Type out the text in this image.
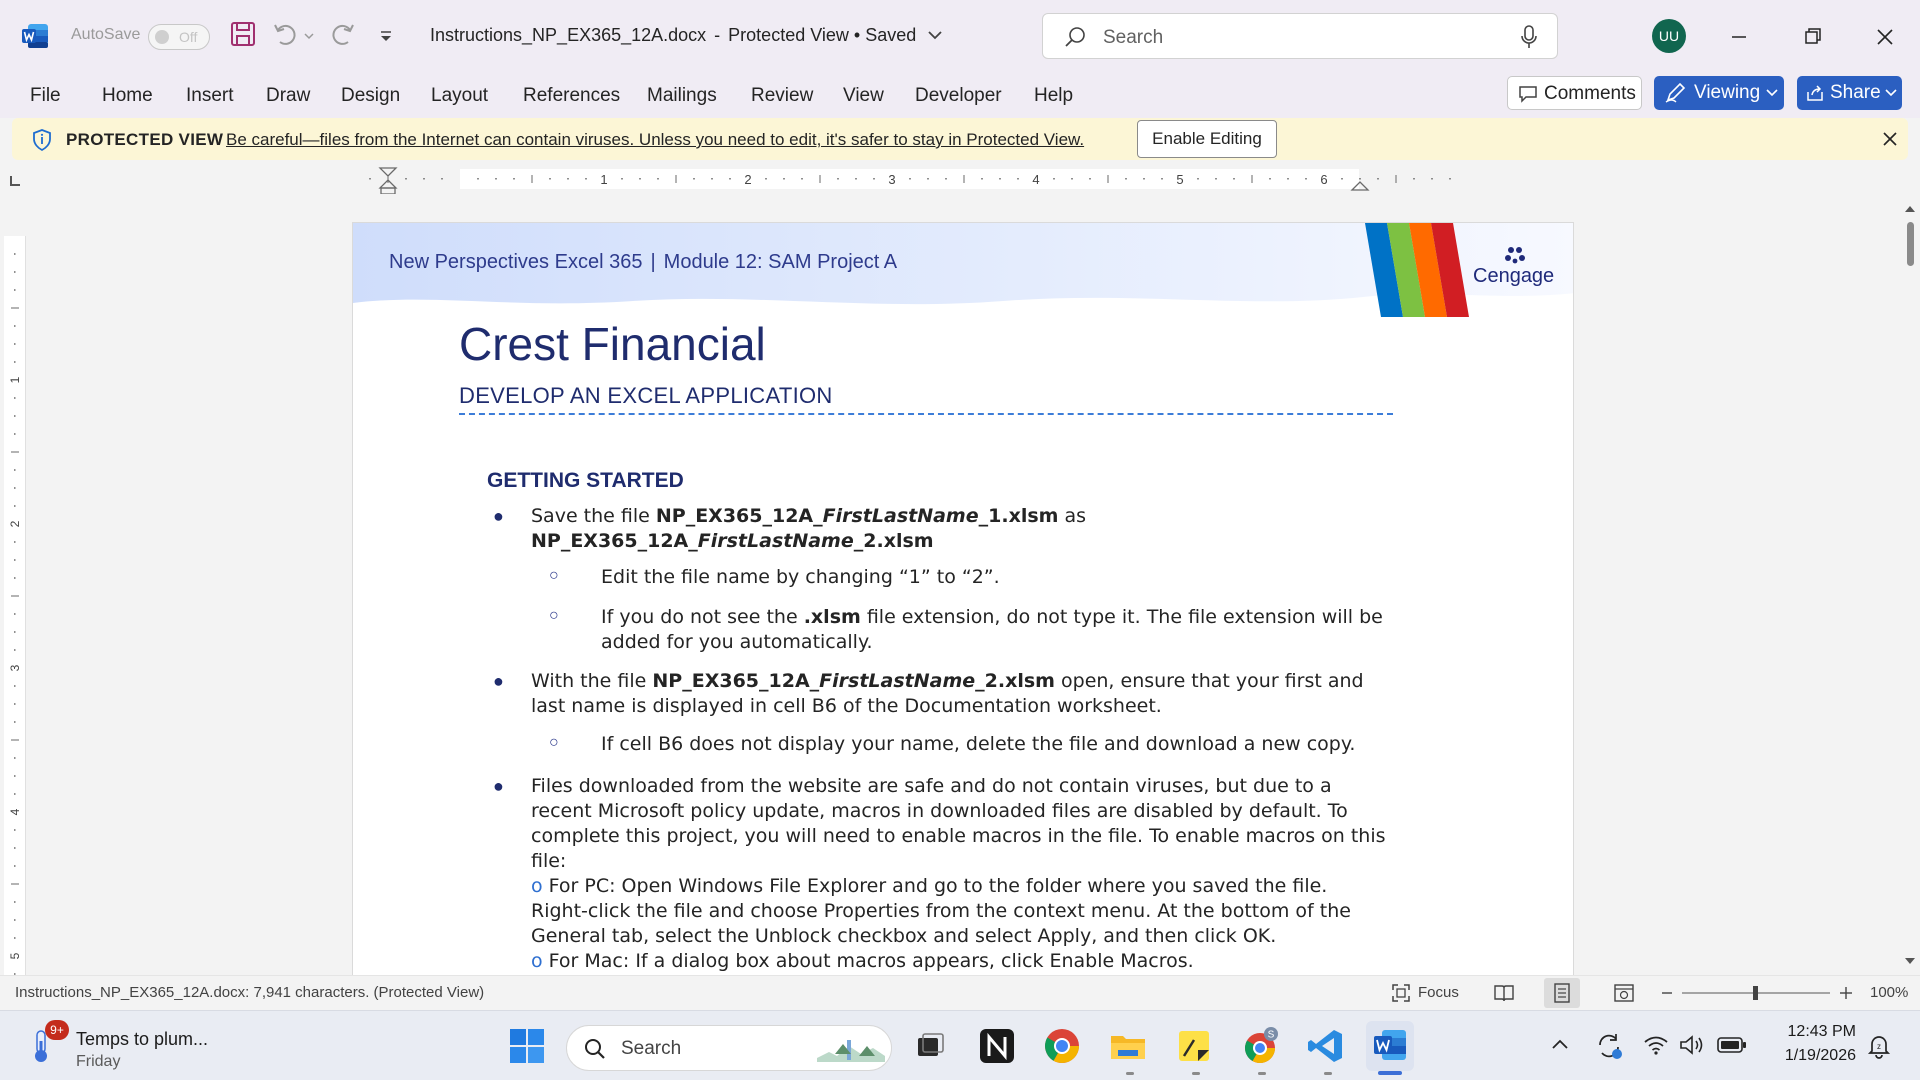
AutoSave	Off	Instructions_NP_EX365_12A.docx - Protected View • Saved	Search	UU
File Home Insert Draw Design Layout References Mailings Review View Developer Help	Comments	Viewing	Share
PROTECTED VIEW Be careful—files from the Internet can contain viruses. Unless you need to edit, it's safer to stay in Protected View.	Enable Editing
1	2	3	4	5	6
1
2
3
4
5
New Perspectives Excel 365 | Module 12: SAM Project A
Cengage
Crest Financial
DEVELOP AN EXCEL APPLICATION
GETTING STARTED
● Save the file NP_EX365_12A_FirstLastName_1.xlsm as
NP_EX365_12A_FirstLastName_2.xlsm
○ Edit the file name by changing “1” to “2”.
○ If you do not see the .xlsm file extension, do not type it. The file extension will be
added for you automatically.
● With the file NP_EX365_12A_FirstLastName_2.xlsm open, ensure that your first and
last name is displayed in cell B6 of the Documentation worksheet.
○ If cell B6 does not display your name, delete the file and download a new copy.
● Files downloaded from the website are safe and do not contain viruses, but due to a
recent Microsoft policy update, macros in downloaded files are disabled by default. To
complete this project, you will need to enable macros in the file. To enable macros on this
file:
o For PC: Open Windows File Explorer and go to the folder where you saved the file.
Right-click the file and choose Properties from the context menu. At the bottom of the
General tab, select the Unblock checkbox and select Apply, and then click OK.
o For Mac: If a dialog box about macros appears, click Enable Macros.
Instructions_NP_EX365_12A.docx: 7,941 characters. (Protected View)	Focus	100%
9+ Temps to plum...
Friday
Search
S	12:43 PM
1/19/2026
z
